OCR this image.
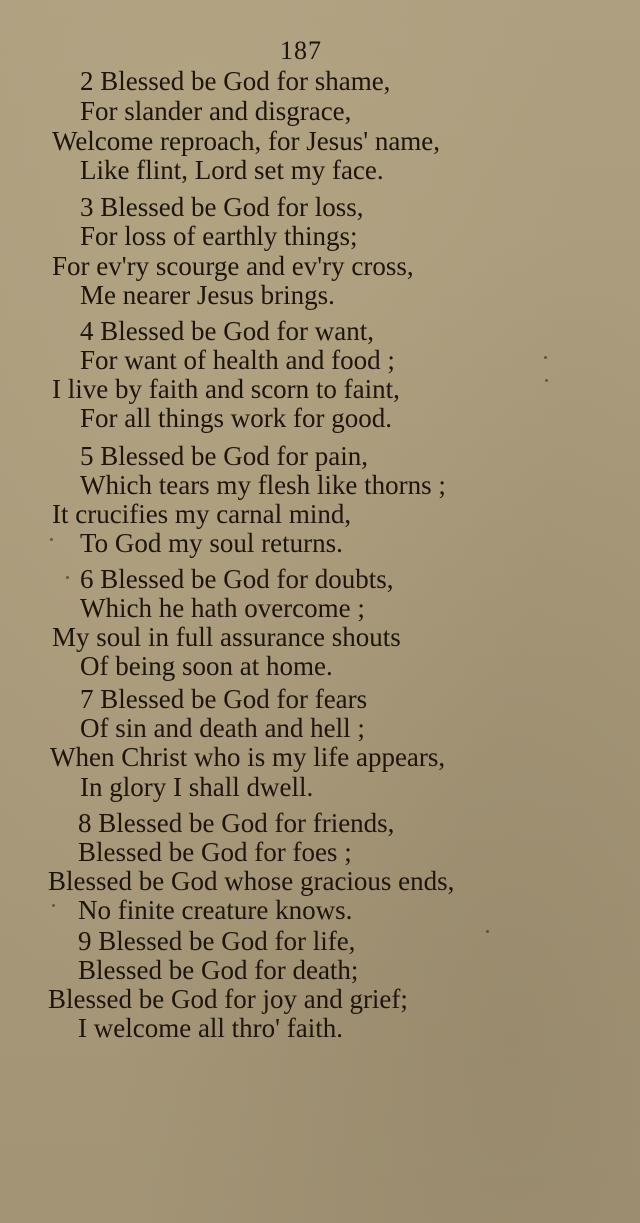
187
2 Blessed be God for shame,
For slander and disgrace,
Welcome reproach, for Jesus' name,
Like flint, Lord set my face.
3 Blessed be God for loss,
For loss of earthly things;
For ev'ry scourge and ev'ry cross,
Me nearer Jesus brings.
4 Blessed be God for want,
For want of health and food ;
I live by faith and scorn to faint,
For all things work for good.
5 Blessed be God for pain,
Which tears my flesh like thorns ;
It crucifies my carnal mind,
To God my soul returns.
6 Blessed be God for doubts,
Which he hath overcome ;
My soul in full assurance shouts
Of being soon at home.
7 Blessed be God for fears
Of sin and death and hell ;
When Christ who is my life appears,
In glory I shall dwell.
8 Blessed be God for friends,
Blessed be God for foes ;
Blessed be God whose gracious ends,
No finite creature knows.
9 Blessed be God for life,
Blessed be God for death;
Blessed be God for joy and grief;
I welcome all thro' faith.
